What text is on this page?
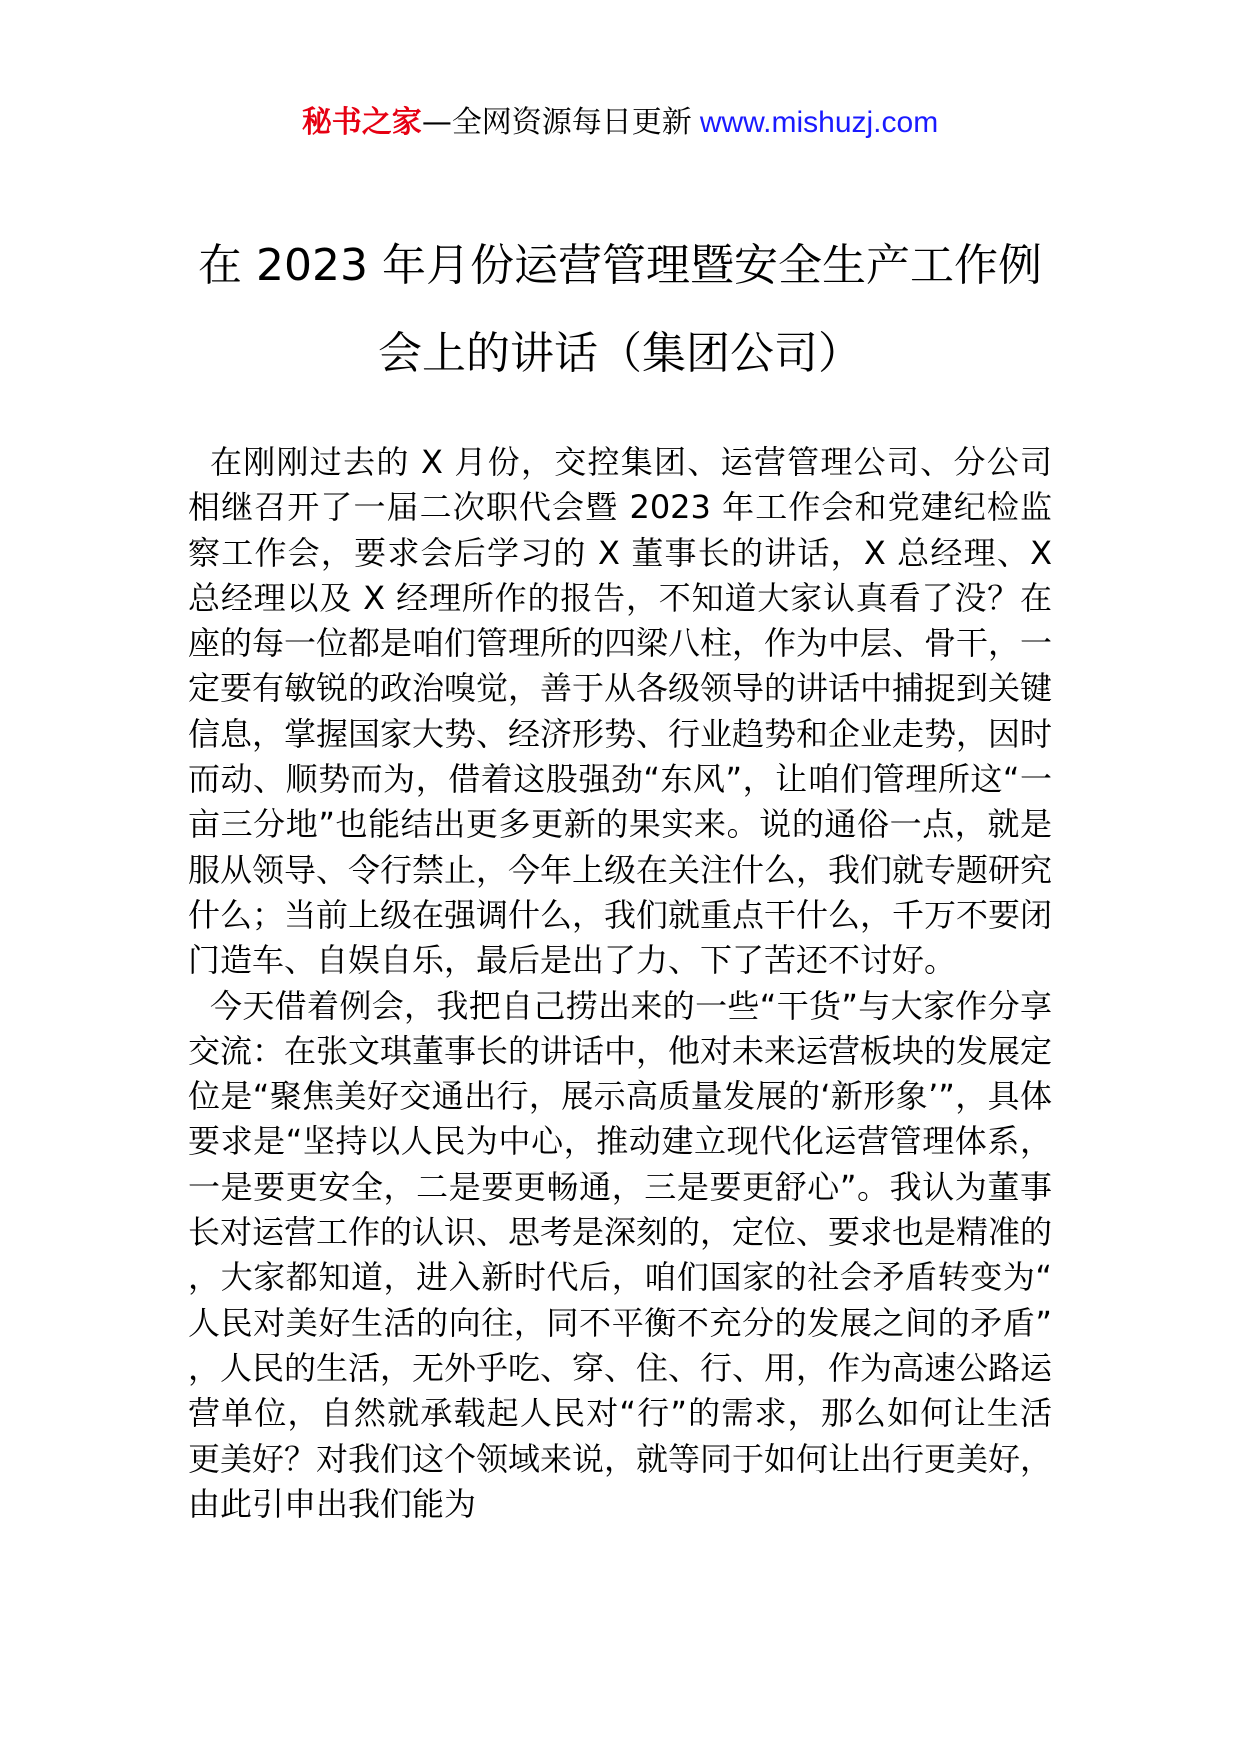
秘书之家—全网资源每日更新 www.mishuzj.com
在 2023 年月份运营管理暨安全生产工作例
会上的讲话（集团公司）

在刚刚过去的 X 月份，交控集团、运营管理公司、分公司相继召开了一届二次职代会暨 2023 年工作会和党建纪检监察工作会，要求会后学习的 X 董事长的讲话，X 总经理、X 总经理以及 X 经理所作的报告，不知道大家认真看了没？在座的每一位都是咱们管理所的四梁八柱，作为中层、骨干，一定要有敏锐的政治嗅觉，善于从各级领导的讲话中捕捉到关键信息，掌握国家大势、经济形势、行业趋势和企业走势，因时而动、顺势而为，借着这股强劲“东风”，让咱们管理所这“一亩三分地”也能结出更多更新的果实来。说的通俗一点，就是服从领导、令行禁止，今年上级在关注什么，我们就专题研究什么；当前上级在强调什么，我们就重点干什么，千万不要闭门造车、自娱自乐，最后是出了力、下了苦还不讨好。

今天借着例会，我把自己捞出来的一些“干货”与大家作分享交流：在张文琪董事长的讲话中，他对未来运营板块的发展定位是“聚焦美好交通出行，展示高质量发展的‘新形象’”，具体要求是“坚持以人民为中心，推动建立现代化运营管理体系，一是要更安全，二是要更畅通，三是要更舒心”。我认为董事长对运营工作的认识、思考是深刻的，定位、要求也是精准的，大家都知道，进入新时代后，咱们国家的社会矛盾转变为“人民对美好生活的向往，同不平衡不充分的发展之间的矛盾”，人民的生活，无外乎吃、穿、住、行、用，作为高速公路运营单位，自然就承载起人民对“行”的需求，那么如何让生活更美好？对我们这个领域来说，就等同于如何让出行更美好，由此引申出我们能为
